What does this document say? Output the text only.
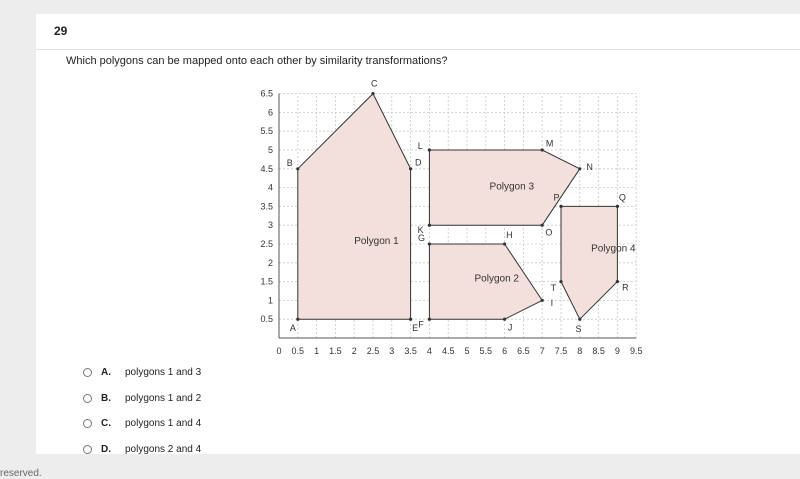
29
Which polygons can be mapped onto each other by similarity transformations?
0 0.5 1 1.5 2 2.5 3 3.5 4 4.5 5 5.5 6 6.5 7 7.5 8 8.5 9 9.5
0.5
1
1.5
2
2.5
3
3.5
4
4.5
5
5.5
6
6.5
A
B
C
D
E
Polygon 1
L	M
N
O
K
Polygon 3
G	H
I
J
F
Polygon 2
P	Q
R
S
T
Polygon 4
A. polygons 1 and 3
B. polygons 1 and 2
C. polygons 1 and 4
D. polygons 2 and 4
reserved.
